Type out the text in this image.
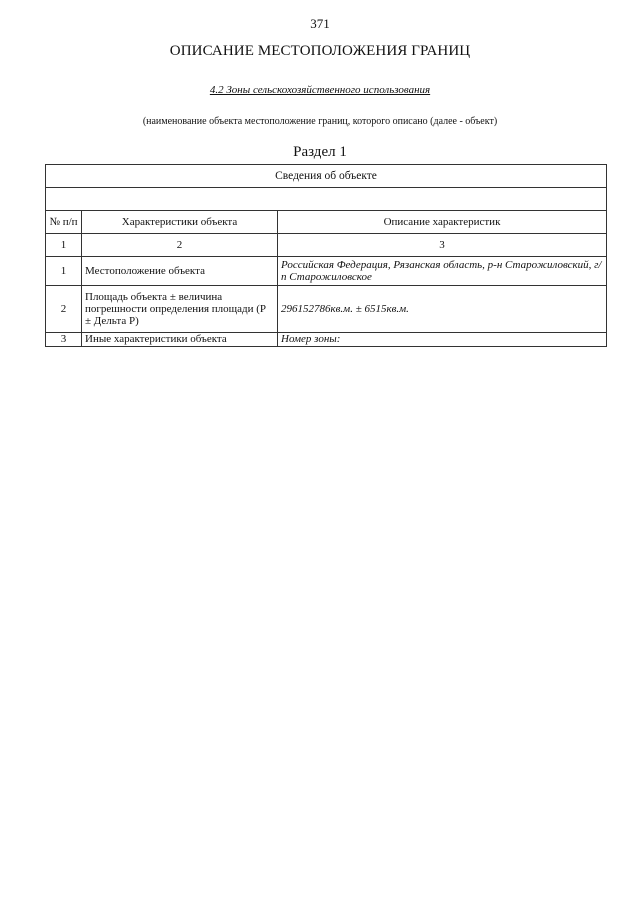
371
ОПИСАНИЕ МЕСТОПОЛОЖЕНИЯ ГРАНИЦ
4.2 Зоны сельскохозяйственного использования
(наименование объекта местоположение границ, которого описано (далее - объект)
Раздел 1
Сведения об объекте		

№ п/п	Характеристики объекта	Описание характеристик
1	2	3
1	Местоположение объекта	Российская Федерация, Рязанская область, р-н Старожиловский, г/п Старожиловское
2	Площадь объекта ± величина погрешности определения площади (Р ± Дельта Р)	296152786кв.м. ± 6515кв.м.
3	Иные характеристики объекта	Номер зоны:
